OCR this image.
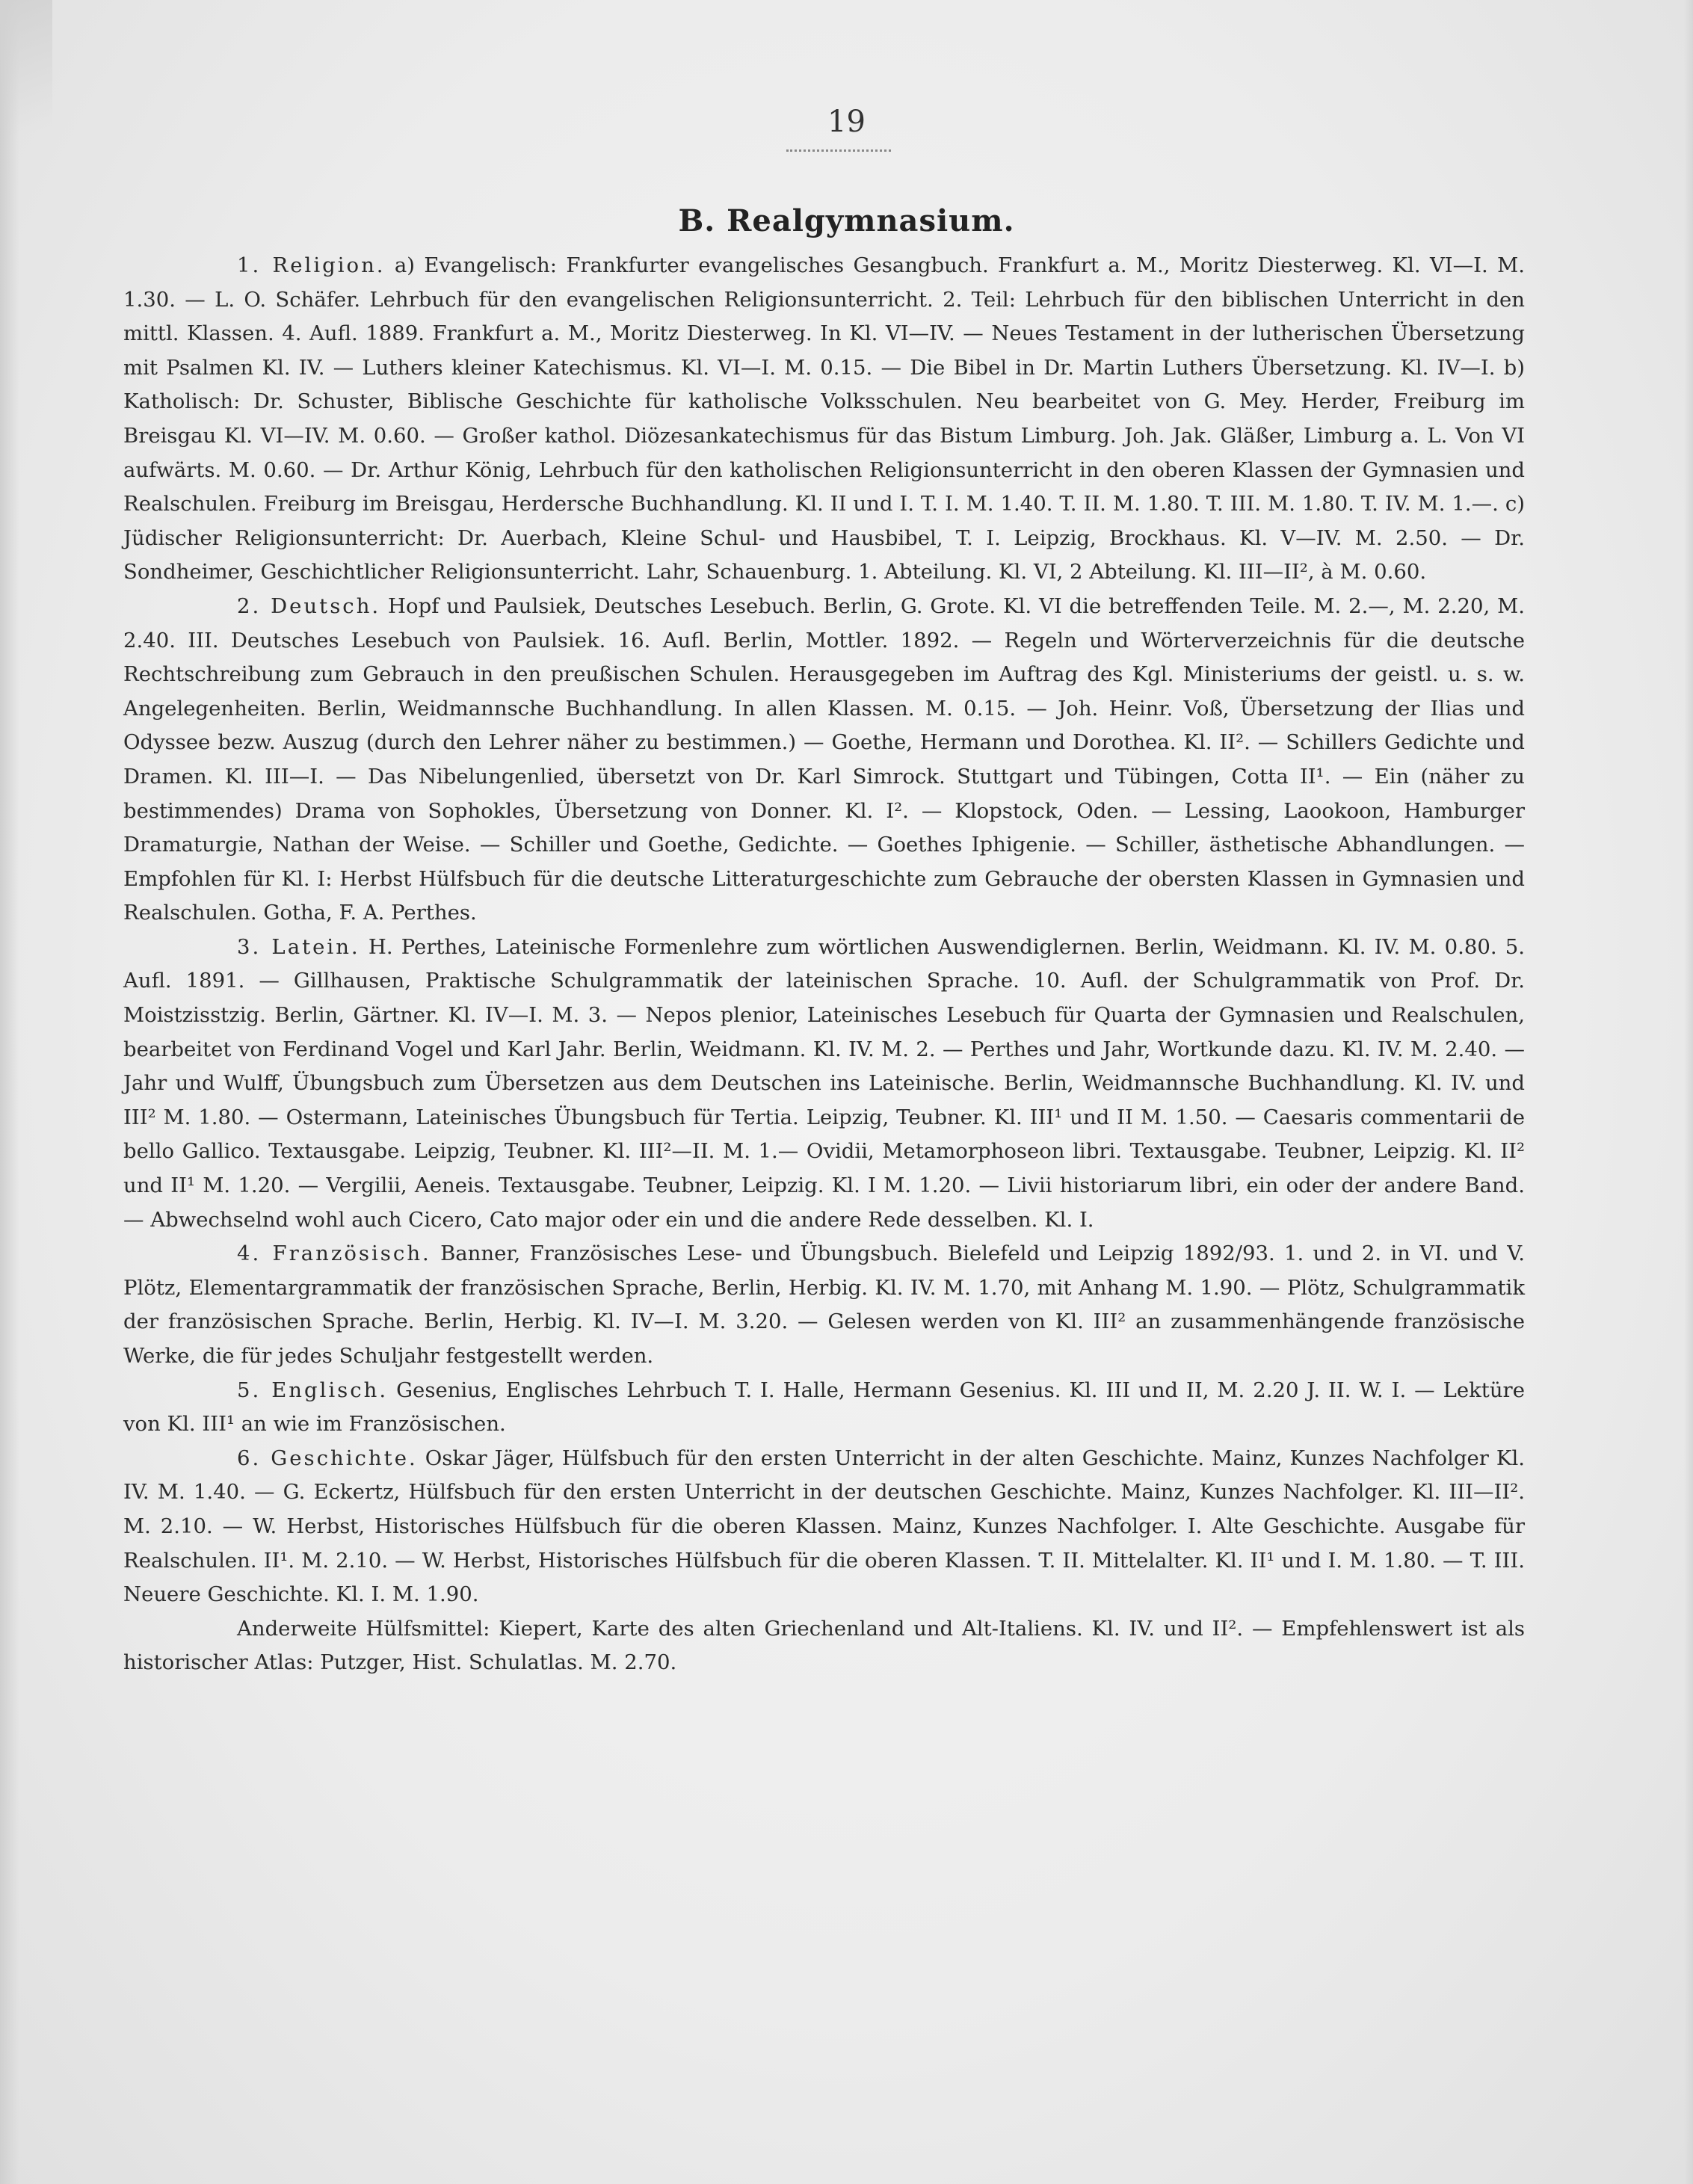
19
B. Realgymnasium.

1. Religion. a) Evangelisch: Frankfurter evangelisches Gesangbuch. Frankfurt a. M., Moritz Diesterweg. Kl. VI—I. M. 1.30. — L. O. Schäfer. Lehrbuch für den evangelischen Religionsunterricht. 2. Teil: Lehrbuch für den biblischen Unterricht in den mittl. Klassen. 4. Aufl. 1889. Frankfurt a. M., Moritz Diesterweg. In Kl. VI—IV. — Neues Testament in der lutherischen Übersetzung mit Psalmen Kl. IV. — Luthers kleiner Katechismus. Kl. VI—I. M. 0.15. — Die Bibel in Dr. Martin Luthers Übersetzung. Kl. IV—I. b) Katholisch: Dr. Schuster, Biblische Geschichte für katholische Volksschulen. Neu bearbeitet von G. Mey. Herder, Freiburg im Breisgau Kl. VI—IV. M. 0.60. — Großer kathol. Diözesankatechismus für das Bistum Limburg. Joh. Jak. Gläßer, Limburg a. L. Von VI aufwärts. M. 0.60. — Dr. Arthur König, Lehrbuch für den katholischen Religionsunterricht in den oberen Klassen der Gymnasien und Realschulen. Freiburg im Breisgau, Herdersche Buchhandlung. Kl. II und I. T. I. M. 1.40. T. II. M. 1.80. T. III. M. 1.80. T. IV. M. 1.—. c) Jüdischer Religionsunterricht: Dr. Auerbach, Kleine Schul- und Hausbibel, T. I. Leipzig, Brockhaus. Kl. V—IV. M. 2.50. — Dr. Sondheimer, Geschichtlicher Religionsunterricht. Lahr, Schauenburg. 1. Abteilung. Kl. VI, 2 Abteilung. Kl. III—II², à M. 0.60.

2. Deutsch. Hopf und Paulsiek, Deutsches Lesebuch. Berlin, G. Grote. Kl. VI die betreffenden Teile. M. 2.—, M. 2.20, M. 2.40. III. Deutsches Lesebuch von Paulsiek. 16. Aufl. Berlin, Mottler. 1892. — Regeln und Wörterverzeichnis für die deutsche Rechtschreibung zum Gebrauch in den preußischen Schulen. Herausgegeben im Auftrag des Kgl. Ministeriums der geistl. u. s. w. Angelegenheiten. Berlin, Weidmannsche Buchhandlung. In allen Klassen. M. 0.15. — Joh. Heinr. Voß, Übersetzung der Ilias und Odyssee bezw. Auszug (durch den Lehrer näher zu bestimmen.) — Goethe, Hermann und Dorothea. Kl. II². — Schillers Gedichte und Dramen. Kl. III—I. — Das Nibelungenlied, übersetzt von Dr. Karl Simrock. Stuttgart und Tübingen, Cotta II¹. — Ein (näher zu bestimmendes) Drama von Sophokles, Übersetzung von Donner. Kl. I². — Klopstock, Oden. — Lessing, Laookoon, Hamburger Dramaturgie, Nathan der Weise. — Schiller und Goethe, Gedichte. — Goethes Iphigenie. — Schiller, ästhetische Abhandlungen. — Empfohlen für Kl. I: Herbst Hülfsbuch für die deutsche Litteraturgeschichte zum Gebrauche der obersten Klassen in Gymnasien und Realschulen. Gotha, F. A. Perthes.

3. Latein. H. Perthes, Lateinische Formenlehre zum wörtlichen Auswendiglernen. Berlin, Weidmann. Kl. IV. M. 0.80. 5. Aufl. 1891. — Gillhausen, Praktische Schulgrammatik der lateinischen Sprache. 10. Aufl. der Schulgrammatik von Prof. Dr. Moistzisstzig. Berlin, Gärtner. Kl. IV—I. M. 3. — Nepos plenior, Lateinisches Lesebuch für Quarta der Gymnasien und Realschulen, bearbeitet von Ferdinand Vogel und Karl Jahr. Berlin, Weidmann. Kl. IV. M. 2. — Perthes und Jahr, Wortkunde dazu. Kl. IV. M. 2.40. — Jahr und Wulff, Übungsbuch zum Übersetzen aus dem Deutschen ins Lateinische. Berlin, Weidmannsche Buchhandlung. Kl. IV. und III² M. 1.80. — Ostermann, Lateinisches Übungsbuch für Tertia. Leipzig, Teubner. Kl. III¹ und II M. 1.50. — Caesaris commentarii de bello Gallico. Textausgabe. Leipzig, Teubner. Kl. III²—II. M. 1.— Ovidii, Metamorphoseon libri. Textausgabe. Teubner, Leipzig. Kl. II² und II¹ M. 1.20. — Vergilii, Aeneis. Textausgabe. Teubner, Leipzig. Kl. I M. 1.20. — Livii historiarum libri, ein oder der andere Band. — Abwechselnd wohl auch Cicero, Cato major oder ein und die andere Rede desselben. Kl. I.

4. Französisch. Banner, Französisches Lese- und Übungsbuch. Bielefeld und Leipzig 1892/93. 1. und 2. in VI. und V. Plötz, Elementargrammatik der französischen Sprache, Berlin, Herbig. Kl. IV. M. 1.70, mit Anhang M. 1.90. — Plötz, Schulgrammatik der französischen Sprache. Berlin, Herbig. Kl. IV—I. M. 3.20. — Gelesen werden von Kl. III² an zusammenhängende französische Werke, die für jedes Schuljahr festgestellt werden.

5. Englisch. Gesenius, Englisches Lehrbuch T. I. Halle, Hermann Gesenius. Kl. III und II, M. 2.20 J. II. W. I. — Lektüre von Kl. III¹ an wie im Französischen.

6. Geschichte. Oskar Jäger, Hülfsbuch für den ersten Unterricht in der alten Geschichte. Mainz, Kunzes Nachfolger Kl. IV. M. 1.40. — G. Eckertz, Hülfsbuch für den ersten Unterricht in der deutschen Geschichte. Mainz, Kunzes Nachfolger. Kl. III—II². M. 2.10. — W. Herbst, Historisches Hülfsbuch für die oberen Klassen. Mainz, Kunzes Nachfolger. I. Alte Geschichte. Ausgabe für Realschulen. II¹. M. 2.10. — W. Herbst, Historisches Hülfsbuch für die oberen Klassen. T. II. Mittelalter. Kl. II¹ und I. M. 1.80. — T. III. Neuere Geschichte. Kl. I. M. 1.90.

Anderweite Hülfsmittel: Kiepert, Karte des alten Griechenland und Alt-Italiens. Kl. IV. und II². — Empfehlenswert ist als historischer Atlas: Putzger, Hist. Schulatlas. M. 2.70.
